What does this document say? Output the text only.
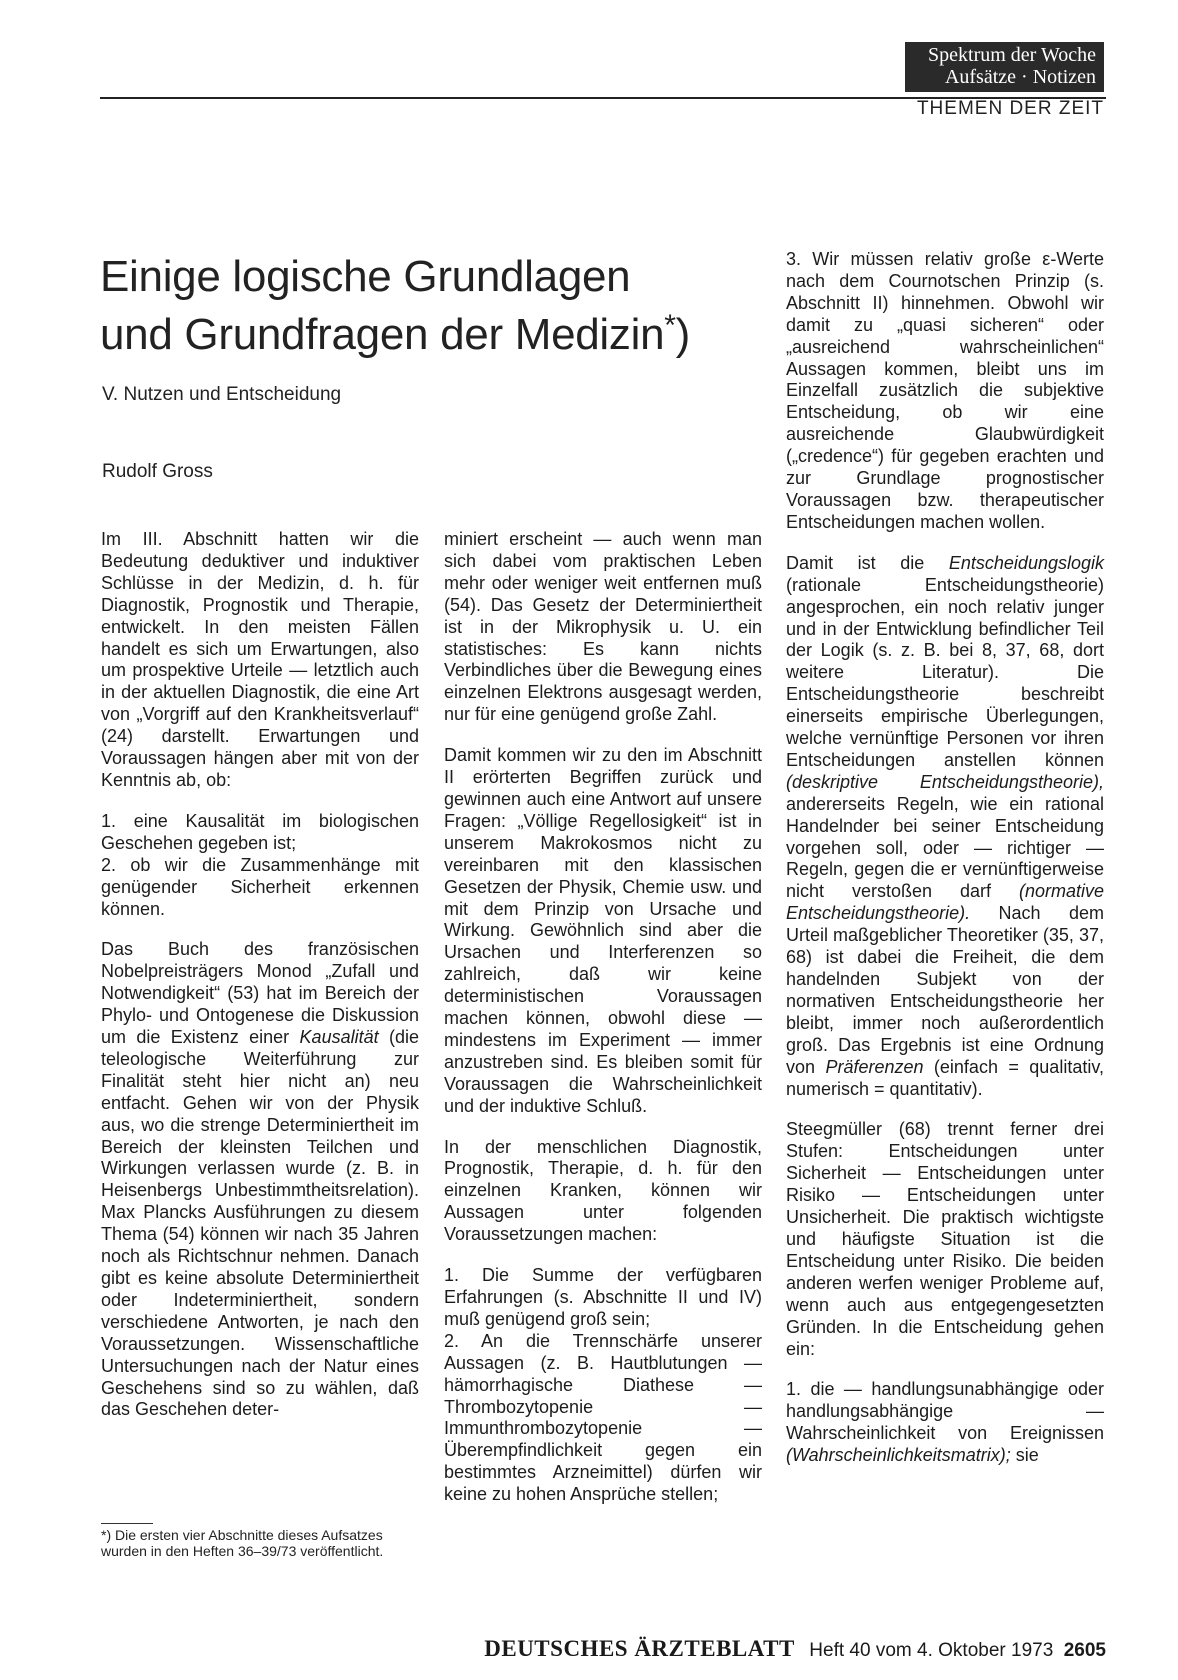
Spektrum der Woche
Aufsätze · Notizen
THEMEN DER ZEIT
Einige logische Grundlagen
und Grundfragen der Medizin*)
V. Nutzen und Entscheidung
Rudolf Gross

Im III. Abschnitt hatten wir die Bedeutung deduktiver und induktiver Schlüsse in der Medizin, d. h. für Diagnostik, Prognostik und Therapie, entwickelt. In den meisten Fällen handelt es sich um Erwartungen, also um prospektive Urteile — letztlich auch in der aktuellen Diagnostik, die eine Art von „Vorgriff auf den Krankheitsverlauf“ (24) darstellt. Erwartungen und Voraussagen hängen aber mit von der Kenntnis ab, ob:

1. eine Kausalität im biologischen Geschehen gegeben ist;

2. ob wir die Zusammenhänge mit genügender Sicherheit erkennen können.

Das Buch des französischen Nobelpreisträgers Monod „Zufall und Notwendigkeit“ (53) hat im Bereich der Phylo- und Ontogenese die Diskussion um die Existenz einer Kausalität (die teleologische Weiterführung zur Finalität steht hier nicht an) neu entfacht. Gehen wir von der Physik aus, wo die strenge Determiniertheit im Bereich der kleinsten Teilchen und Wirkungen verlassen wurde (z. B. in Heisenbergs Unbestimmtheitsrelation). Max Plancks Ausführungen zu diesem Thema (54) können wir nach 35 Jahren noch als Richtschnur nehmen. Danach gibt es keine absolute Determiniertheit oder Indeterminiertheit, sondern verschiedene Antworten, je nach den Voraussetzungen. Wissenschaftliche Untersuchungen nach der Natur eines Geschehens sind so zu wählen, daß das Geschehen deter-

*) Die ersten vier Abschnitte dieses Aufsatzes wurden in den Heften 36–39/73 veröffentlicht.

miniert erscheint — auch wenn man sich dabei vom praktischen Leben mehr oder weniger weit entfernen muß (54). Das Gesetz der Determiniertheit ist in der Mikrophysik u. U. ein statistisches: Es kann nichts Verbindliches über die Bewegung eines einzelnen Elektrons ausgesagt werden, nur für eine genügend große Zahl.

Damit kommen wir zu den im Abschnitt II erörterten Begriffen zurück und gewinnen auch eine Antwort auf unsere Fragen: „Völlige Regellosigkeit“ ist in unserem Makrokosmos nicht zu vereinbaren mit den klassischen Gesetzen der Physik, Chemie usw. und mit dem Prinzip von Ursache und Wirkung. Gewöhnlich sind aber die Ursachen und Interferenzen so zahlreich, daß wir keine deterministischen Voraussagen machen können, obwohl diese — mindestens im Experiment — immer anzustreben sind. Es bleiben somit für Voraussagen die Wahrscheinlichkeit und der induktive Schluß.

In der menschlichen Diagnostik, Prognostik, Therapie, d. h. für den einzelnen Kranken, können wir Aussagen unter folgenden Voraussetzungen machen:

1. Die Summe der verfügbaren Erfahrungen (s. Abschnitte II und IV) muß genügend groß sein;

2. An die Trennschärfe unserer Aussagen (z. B. Hautblutungen — hämorrhagische Diathese — Thrombozytopenie — Immunthrombozytopenie — Überempfindlichkeit gegen ein bestimmtes Arzneimittel) dürfen wir keine zu hohen Ansprüche stellen;

3. Wir müssen relativ große ε-Werte nach dem Cournotschen Prinzip (s. Abschnitt II) hinnehmen. Obwohl wir damit zu „quasi sicheren“ oder „ausreichend wahrscheinlichen“ Aussagen kommen, bleibt uns im Einzelfall zusätzlich die subjektive Entscheidung, ob wir eine ausreichende Glaubwürdigkeit („credence“) für gegeben erachten und zur Grundlage prognostischer Voraussagen bzw. therapeutischer Entscheidungen machen wollen.

Damit ist die Entscheidungslogik (rationale Entscheidungstheorie) angesprochen, ein noch relativ junger und in der Entwicklung befindlicher Teil der Logik (s. z. B. bei 8, 37, 68, dort weitere Literatur). Die Entscheidungstheorie beschreibt einerseits empirische Überlegungen, welche vernünftige Personen vor ihren Entscheidungen anstellen können (deskriptive Entscheidungstheorie), andererseits Regeln, wie ein rational Handelnder bei seiner Entscheidung vorgehen soll, oder — richtiger — Regeln, gegen die er vernünftigerweise nicht verstoßen darf (normative Entscheidungstheorie). Nach dem Urteil maßgeblicher Theoretiker (35, 37, 68) ist dabei die Freiheit, die dem handelnden Subjekt von der normativen Entscheidungstheorie her bleibt, immer noch außerordentlich groß. Das Ergebnis ist eine Ordnung von Präferenzen (einfach = qualitativ, numerisch = quantitativ).

Steegmüller (68) trennt ferner drei Stufen: Entscheidungen unter Sicherheit — Entscheidungen unter Risiko — Entscheidungen unter Unsicherheit. Die praktisch wichtigste und häufigste Situation ist die Entscheidung unter Risiko. Die beiden anderen werfen weniger Probleme auf, wenn auch aus entgegengesetzten Gründen. In die Entscheidung gehen ein:

1. die — handlungsunabhängige oder handlungsabhängige — Wahrscheinlichkeit von Ereignissen (Wahrscheinlichkeitsmatrix); sie

DEUTSCHES ÄRZTEBLATT Heft 40 vom 4. Oktober 1973 2605
